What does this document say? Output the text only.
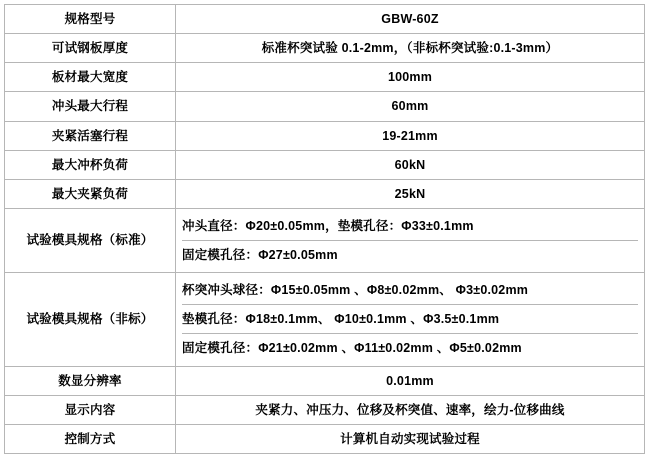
规格型号	GBW-60Z
可试钢板厚度	标准杯突试验 0.1-2mm，（非标杯突试验:0.1-3mm）
板材最大宽度	100mm
冲头最大行程	60mm
夹紧活塞行程	19-21mm
最大冲杯负荷	60kN
最大夹紧负荷	25kN
试验模具规格（标准）	冲头直径：Φ20±0.05mm，垫模孔径：Φ33±0.1mm
固定模孔径：Φ27±0.05mm

试验模具规格（非标）	杯突冲头球径：Φ15±0.05mm 、Φ8±0.02mm、 Φ3±0.02mm
垫模孔径：Φ18±0.1mm、 Φ10±0.1mm 、Φ3.5±0.1mm
固定模孔径：Φ21±0.02mm 、Φ11±0.02mm 、Φ5±0.02mm

数显分辨率	0.01mm
显示内容	夹紧力、冲压力、位移及杯突值、速率，绘力-位移曲线
控制方式	计算机自动实现试验过程
